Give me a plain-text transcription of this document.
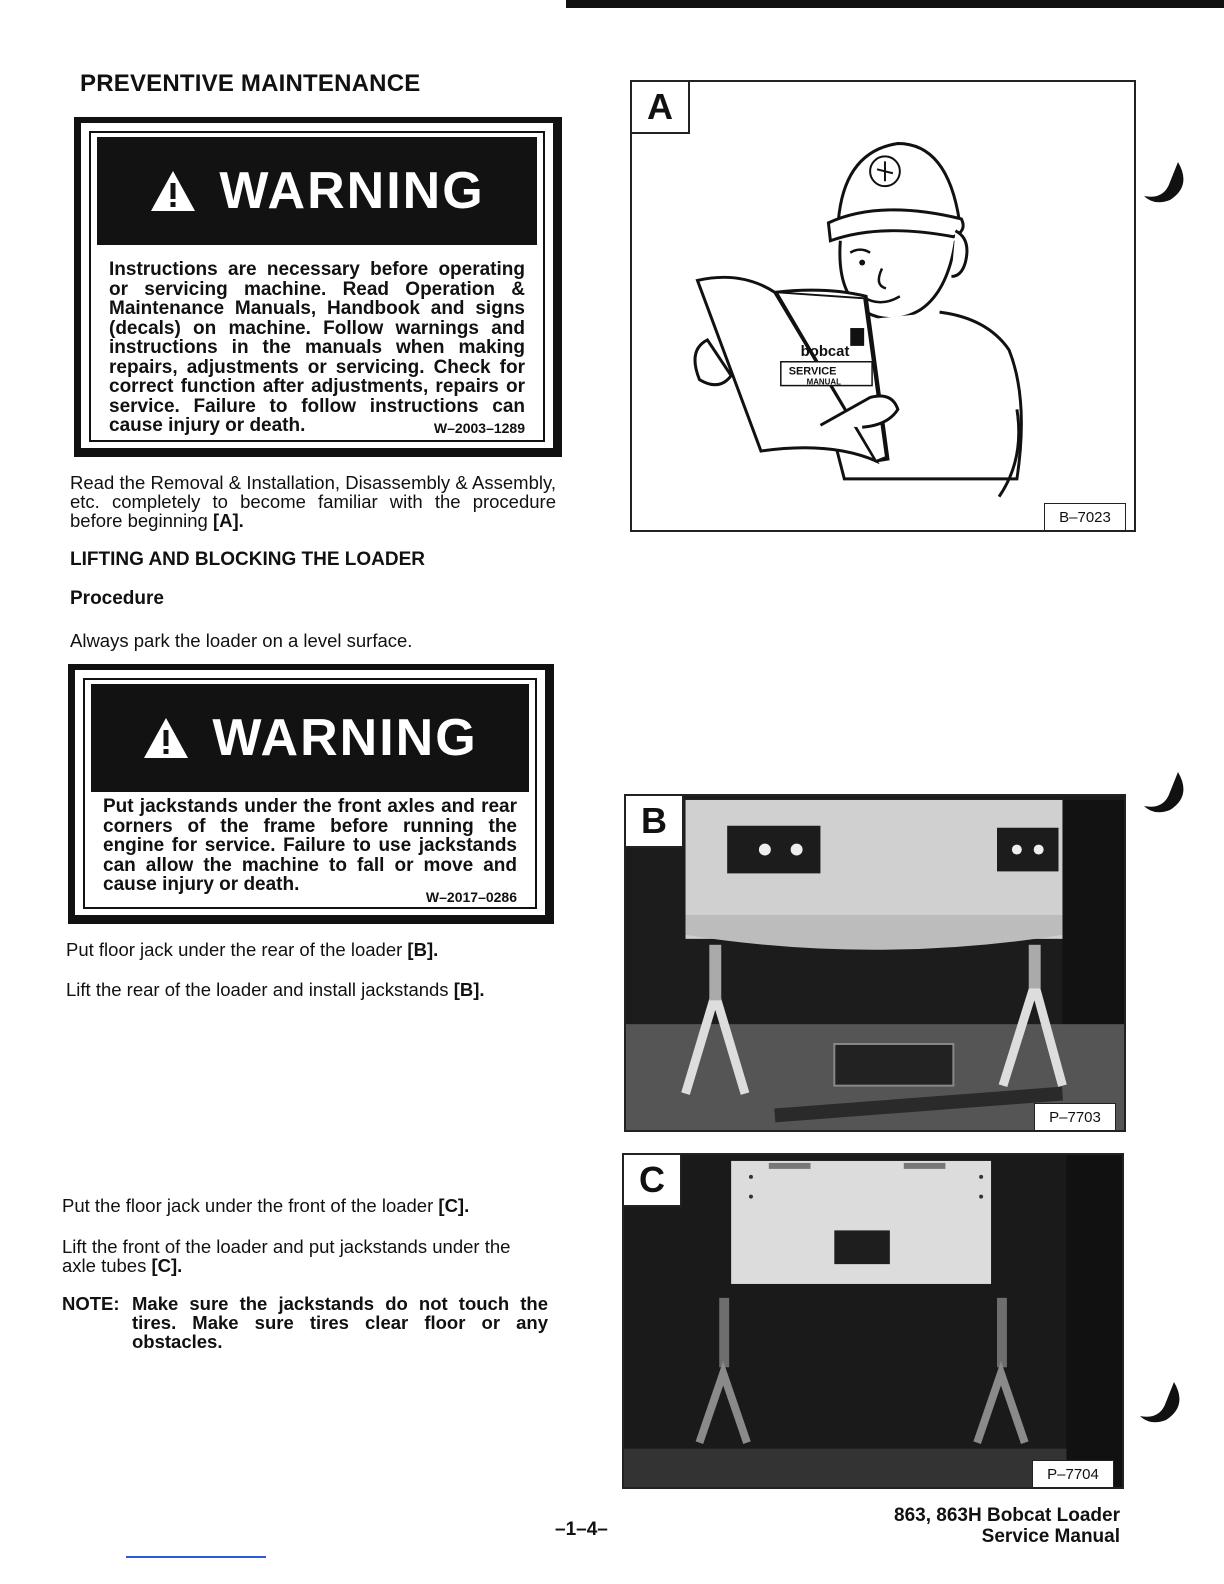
PREVENTIVE MAINTENANCE
WARNING
Instructions are necessary before operating or servicing machine. Read Operation & Maintenance Manuals, Handbook and signs (decals) on machine. Follow warnings and instructions in the manuals when making repairs, adjustments or servicing. Check for correct function after adjustments, repairs or service. Failure to follow instructions can cause injury or death.	W–2003–1289
Read the Removal & Installation, Disassembly & Assembly, etc. completely to become familiar with the procedure before beginning [A].
LIFTING AND BLOCKING THE LOADER
Procedure
Always park the loader on a level surface.
WARNING
Put jackstands under the front axles and rear corners of the frame before running the engine for service. Failure to use jackstands can allow the machine to fall or move and cause injury or death.
W–2017–0286
Put floor jack under the rear of the loader [B].
Lift the rear of the loader and install jackstands [B].
Put the floor jack under the front of the loader [C].
Lift the front of the loader and put jackstands under the axle tubes [C].
NOTE: Make sure the jackstands do not touch the tires. Make sure tires clear floor or any obstacles.
bobcat
SERVICE
MANUAL
A
B–7023
B
P–7703
C
P–7704
–1–4–
863, 863H Bobcat Loader
Service Manual
